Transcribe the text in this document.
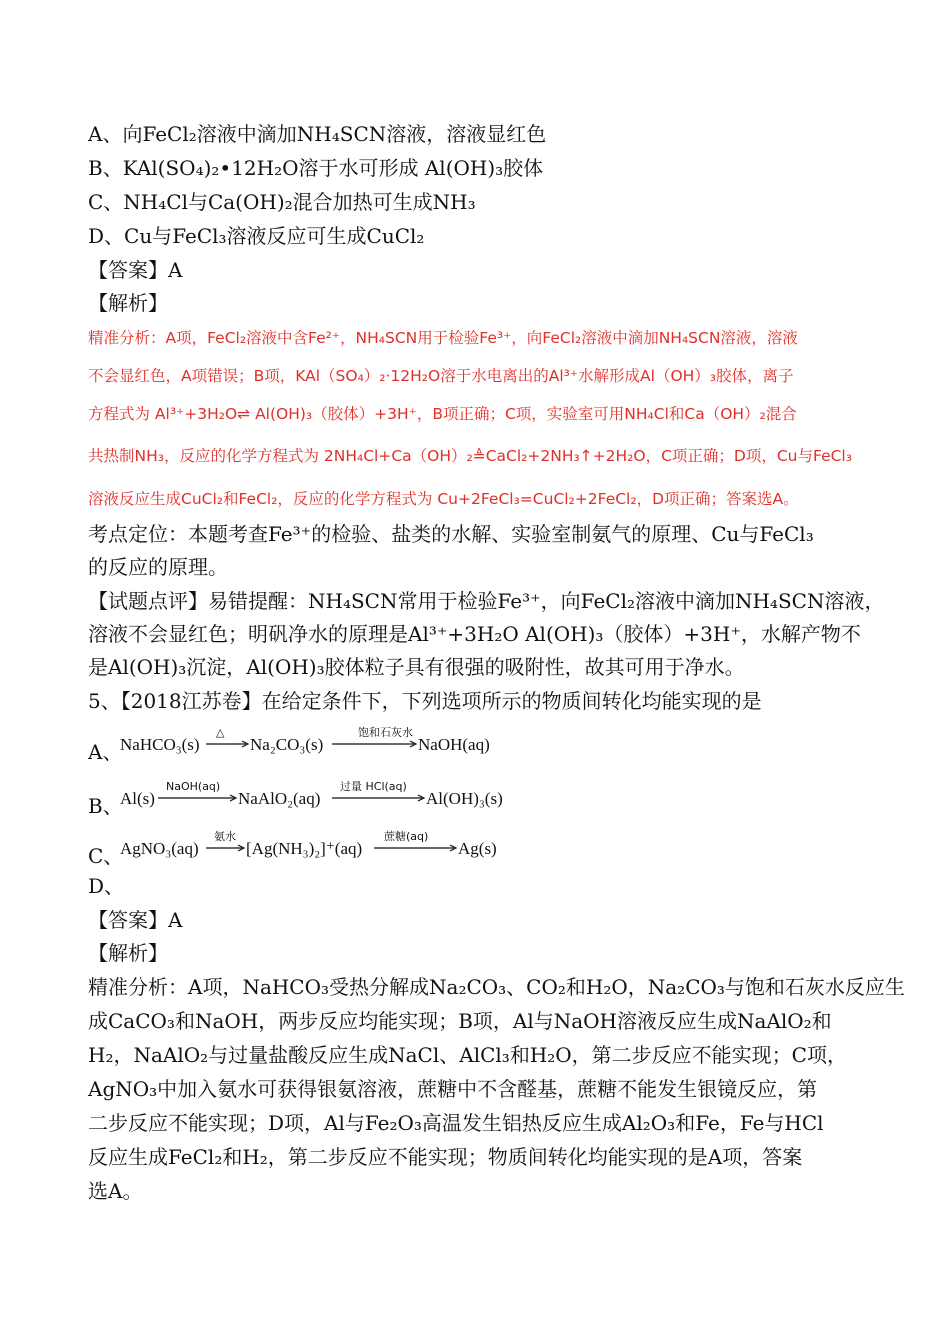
A、向FeCl₂溶液中滴加NH₄SCN溶液，溶液显红色
B、KAl(SO₄)₂•12H₂O溶于水可形成 Al(OH)₃胶体
C、NH₄Cl与Ca(OH)₂混合加热可生成NH₃
D、Cu与FeCl₃溶液反应可生成CuCl₂
【答案】A
【解析】
精准分析：A项，FeCl₂溶液中含Fe²⁺，NH₄SCN用于检验Fe³⁺，向FeCl₂溶液中滴加NH₄SCN溶液，溶液
不会显红色，A项错误；B项，KAl（SO₄）₂·12H₂O溶于水电离出的Al³⁺水解形成Al（OH）₃胶体，离子
方程式为 Al³⁺+3H₂O⇌ Al(OH)₃（胶体）+3H⁺，B项正确；C项，实验室可用NH₄Cl和Ca（OH）₂混合
共热制NH₃，反应的化学方程式为 2NH₄Cl+Ca（OH）₂≜CaCl₂+2NH₃↑+2H₂O，C项正确；D项，Cu与FeCl₃
溶液反应生成CuCl₂和FeCl₂，反应的化学方程式为 Cu+2FeCl₃=CuCl₂+2FeCl₂，D项正确；答案选A。
考点定位：本题考查Fe³⁺的检验、盐类的水解、实验室制氨气的原理、Cu与FeCl₃
的反应的原理。
【试题点评】易错提醒：NH₄SCN常用于检验Fe³⁺，向FeCl₂溶液中滴加NH₄SCN溶液，
溶液不会显红色；明矾净水的原理是Al³⁺+3H₂O Al(OH)₃（胶体）+3H⁺，水解产物不
是Al(OH)₃沉淀，Al(OH)₃胶体粒子具有很强的吸附性，故其可用于净水。
5、【2018江苏卷】在给定条件下，下列选项所示的物质间转化均能实现的是
A、
NaHCO₃(s)
△
Na₂CO₃(s)
饱和石灰水
NaOH(aq)
B、
Al(s)
NaOH(aq)
NaAlO₂(aq)
过量 HCl(aq)
Al(OH)₃(s)
C、
AgNO₃(aq)
氨水
[Ag(NH₃)₂]⁺(aq)
蔗糖(aq)
Ag(s)
D、
【答案】A
【解析】
精准分析：A项，NaHCO₃受热分解成Na₂CO₃、CO₂和H₂O，Na₂CO₃与饱和石灰水反应生
成CaCO₃和NaOH，两步反应均能实现；B项，Al与NaOH溶液反应生成NaAlO₂和
H₂，NaAlO₂与过量盐酸反应生成NaCl、AlCl₃和H₂O，第二步反应不能实现；C项，
AgNO₃中加入氨水可获得银氨溶液，蔗糖中不含醛基，蔗糖不能发生银镜反应，第
二步反应不能实现；D项，Al与Fe₂O₃高温发生铝热反应生成Al₂O₃和Fe，Fe与HCl
反应生成FeCl₂和H₂，第二步反应不能实现；物质间转化均能实现的是A项，答案
选A。
